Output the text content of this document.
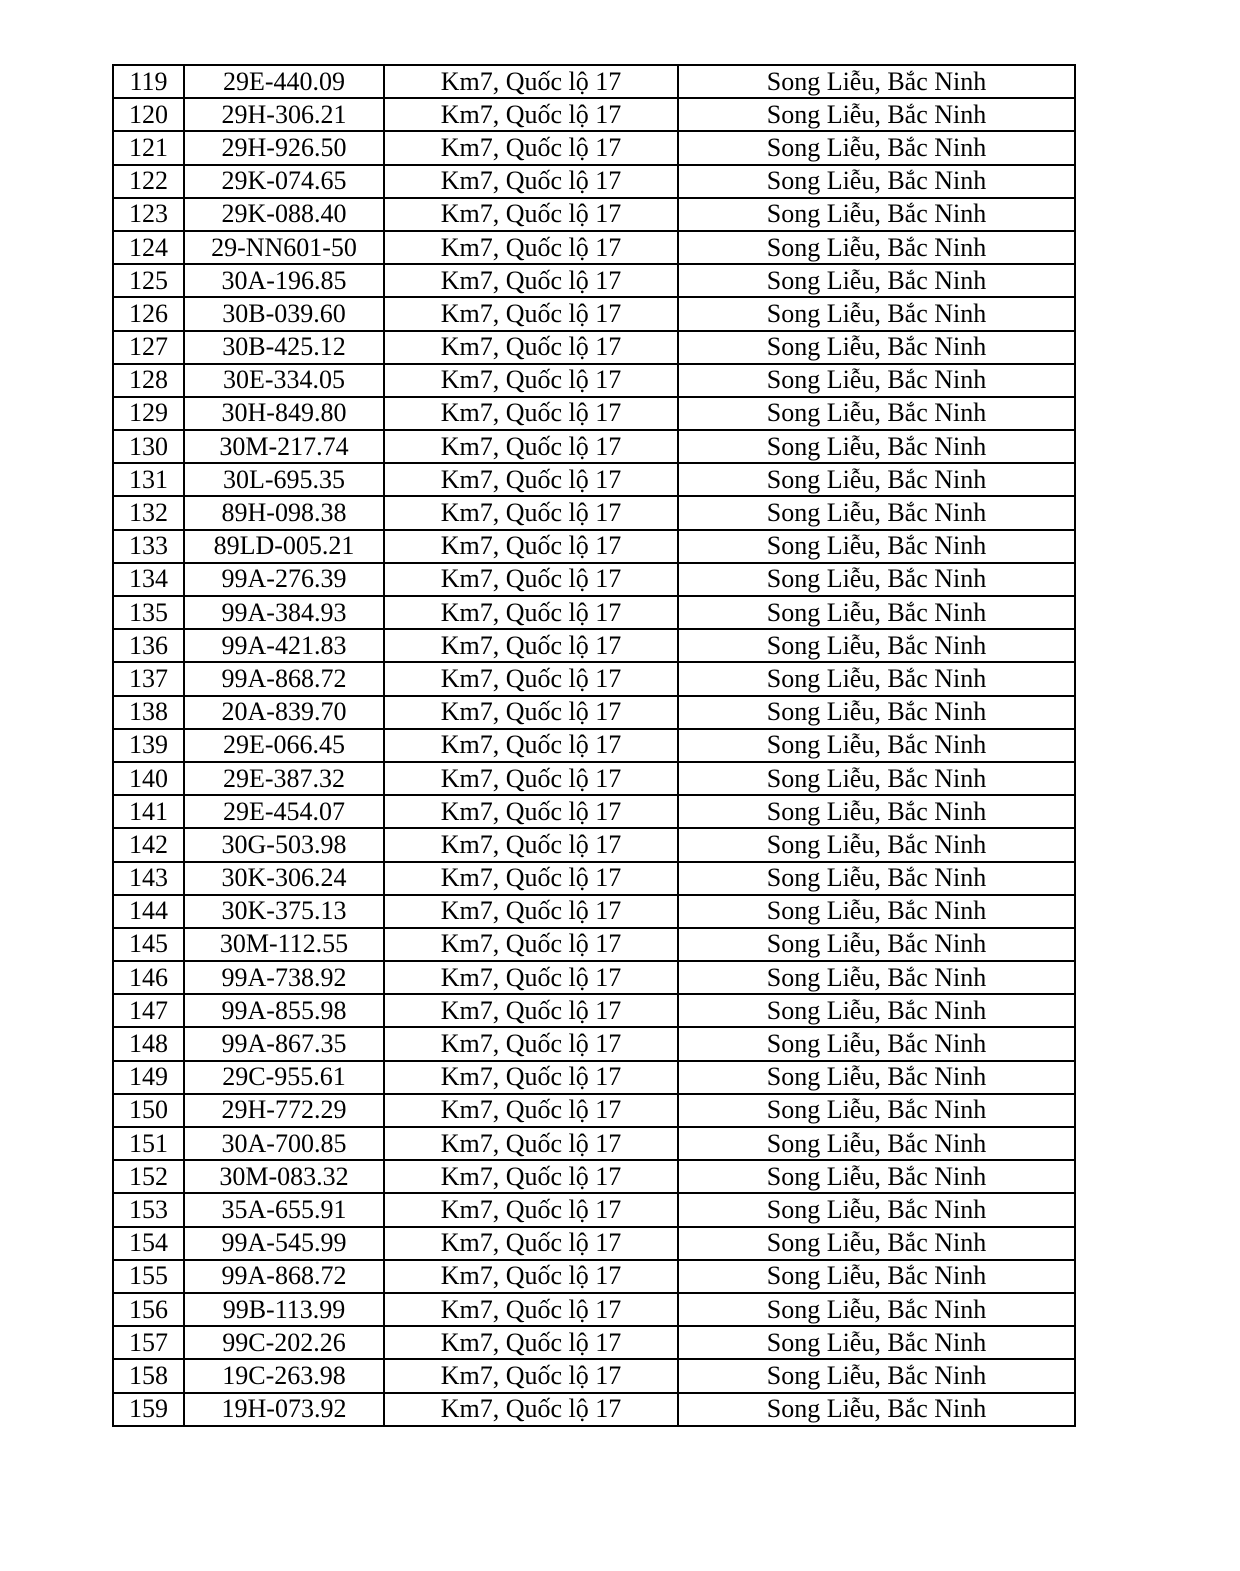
119	29E-440.09	Km7, Quốc lộ 17	Song Liễu, Bắc Ninh
120	29H-306.21	Km7, Quốc lộ 17	Song Liễu, Bắc Ninh
121	29H-926.50	Km7, Quốc lộ 17	Song Liễu, Bắc Ninh
122	29K-074.65	Km7, Quốc lộ 17	Song Liễu, Bắc Ninh
123	29K-088.40	Km7, Quốc lộ 17	Song Liễu, Bắc Ninh
124	29-NN601-50	Km7, Quốc lộ 17	Song Liễu, Bắc Ninh
125	30A-196.85	Km7, Quốc lộ 17	Song Liễu, Bắc Ninh
126	30B-039.60	Km7, Quốc lộ 17	Song Liễu, Bắc Ninh
127	30B-425.12	Km7, Quốc lộ 17	Song Liễu, Bắc Ninh
128	30E-334.05	Km7, Quốc lộ 17	Song Liễu, Bắc Ninh
129	30H-849.80	Km7, Quốc lộ 17	Song Liễu, Bắc Ninh
130	30M-217.74	Km7, Quốc lộ 17	Song Liễu, Bắc Ninh
131	30L-695.35	Km7, Quốc lộ 17	Song Liễu, Bắc Ninh
132	89H-098.38	Km7, Quốc lộ 17	Song Liễu, Bắc Ninh
133	89LD-005.21	Km7, Quốc lộ 17	Song Liễu, Bắc Ninh
134	99A-276.39	Km7, Quốc lộ 17	Song Liễu, Bắc Ninh
135	99A-384.93	Km7, Quốc lộ 17	Song Liễu, Bắc Ninh
136	99A-421.83	Km7, Quốc lộ 17	Song Liễu, Bắc Ninh
137	99A-868.72	Km7, Quốc lộ 17	Song Liễu, Bắc Ninh
138	20A-839.70	Km7, Quốc lộ 17	Song Liễu, Bắc Ninh
139	29E-066.45	Km7, Quốc lộ 17	Song Liễu, Bắc Ninh
140	29E-387.32	Km7, Quốc lộ 17	Song Liễu, Bắc Ninh
141	29E-454.07	Km7, Quốc lộ 17	Song Liễu, Bắc Ninh
142	30G-503.98	Km7, Quốc lộ 17	Song Liễu, Bắc Ninh
143	30K-306.24	Km7, Quốc lộ 17	Song Liễu, Bắc Ninh
144	30K-375.13	Km7, Quốc lộ 17	Song Liễu, Bắc Ninh
145	30M-112.55	Km7, Quốc lộ 17	Song Liễu, Bắc Ninh
146	99A-738.92	Km7, Quốc lộ 17	Song Liễu, Bắc Ninh
147	99A-855.98	Km7, Quốc lộ 17	Song Liễu, Bắc Ninh
148	99A-867.35	Km7, Quốc lộ 17	Song Liễu, Bắc Ninh
149	29C-955.61	Km7, Quốc lộ 17	Song Liễu, Bắc Ninh
150	29H-772.29	Km7, Quốc lộ 17	Song Liễu, Bắc Ninh
151	30A-700.85	Km7, Quốc lộ 17	Song Liễu, Bắc Ninh
152	30M-083.32	Km7, Quốc lộ 17	Song Liễu, Bắc Ninh
153	35A-655.91	Km7, Quốc lộ 17	Song Liễu, Bắc Ninh
154	99A-545.99	Km7, Quốc lộ 17	Song Liễu, Bắc Ninh
155	99A-868.72	Km7, Quốc lộ 17	Song Liễu, Bắc Ninh
156	99B-113.99	Km7, Quốc lộ 17	Song Liễu, Bắc Ninh
157	99C-202.26	Km7, Quốc lộ 17	Song Liễu, Bắc Ninh
158	19C-263.98	Km7, Quốc lộ 17	Song Liễu, Bắc Ninh
159	19H-073.92	Km7, Quốc lộ 17	Song Liễu, Bắc Ninh
